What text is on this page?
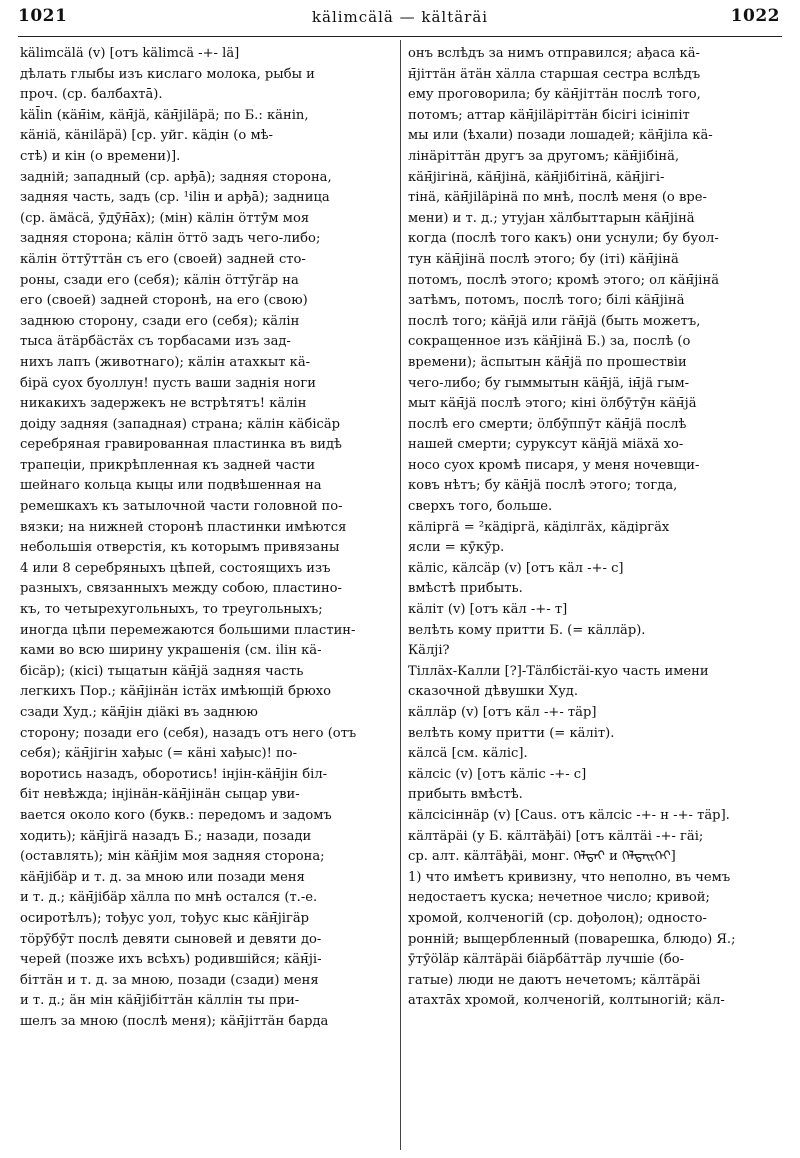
1021	kälimcälä — kältäräi	1022
kälimcälä (v) [отъ kälimcä -+- lä]
дѣлать глыбы изъ кислаго молока, рыбы и
проч. (ср. балбахтā).
käl̄in (кäн̄iм, кäн̄jä, кäн̄jiläрä; по Б.: кäнin,
кäнiä, кäнiläрä) [ср. уйг. кäдiн (о мѣ-
стѣ) и кiн (о времени)].
задній; западный (ср. арђā); задняя сторона,
задняя часть, задъ (ср. ¹iliн и арђā); задница
(ср. äмäсä, ӯдӯн̄āх); (мін) кäлiн öттӯм моя
задняя сторона; кäлiн öттö задъ чего-либо;
кäлiн öттӯттäн съ его (своей) задней сто-
роны, сзади его (себя); кäлiн öттӯгäр на
его (своей) задней сторонѣ, на его (свою)
заднюю сторону, сзади его (себя); кäлiн
тыса äтäрбäстäх съ торбасами изъ зад-
нихъ лапъ (животнаго); кäлiн атахкыт кä-
бiрä суох буоллун! пусть ваши заднія ноги
никакихъ задержекъ не встрѣтятъ! кäлiн
доiду задняя (западная) страна; кäлiн кäбiсäр
серебряная гравированная пластинка въ видѣ
трапеціи, прикрѣпленная къ задней части
шейнаго кольца кыцы или подвѣшенная на
ремешкахъ къ затылочной части головной по-
вязки; на нижней сторонѣ пластинки имѣются
небольшія отверстія, къ которымъ привязаны
4 или 8 серебряныхъ цѣпей, состоящихъ изъ
разныхъ, связанныхъ между собою, пластино-
къ, то четырехугольныхъ, то треугольныхъ;
иногда цѣпи перемежаются большими пластин-
ками во всю ширину украшенія (см. iliн кä-
бiсäр); (кiсi) тыцатын кäн̄jä задняя часть
легкихъ Пор.; кäн̄jiнäн iстäх имѣющій брюхо
сзади Худ.; кäн̄jiн дiäкi въ заднюю
сторону; позади его (себя), назадъ отъ него (отъ
себя); кäн̄jiгiн хађыс (= кäнi хађыс)! по-
воротись назадъ, оборотись! iнjiн-кäн̄jiн бiл-
бiт невѣжда; iнjiнäн-кäн̄jiнäн сыцар уви-
вается около кого (букв.: передомъ и задомъ
ходить); кäн̄jiгä назадъ Б.; назади, позади
(оставлять); мiн кäн̄jiм моя задняя сторона;
кäн̄jiбäр и т. д. за мною или позади меня
и т. д.; кäн̄jiбäр хäлла по мнѣ остался (т.-е.
осиротѣлъ); тођус уол, тођус кыс кäн̄jiгäр
тöрӯбӯт послѣ девяти сыновей и девяти до-
черей (позже ихъ всѣхъ) родившійся; кäн̄jі-
бiттäн и т. д. за мною, позади (сзади) меня
и т. д.; äн мiн кäн̄jiбiттäн кäллiн ты при-
шелъ за мною (послѣ меня); кäн̄jiттäн барда
онъ вслѣдъ за нимъ отправился; ађаса кä-
н̄jiттäн äтäн хäлла старшая сестра вслѣдъ
ему проговорила; бу кäн̄jiттäн послѣ того,
потомъ; аттар кäн̄jiläрiттäн бiсiгi iсiнiпiт
мы или (ѣхали) позади лошадей; кäн̄jiла кä-
лiнäрiттäн другъ за другомъ; кäн̄jiбiнä,
кäн̄jiгiнä, кäн̄jiнä, кäн̄jiбiтiнä, кäн̄jiгi-
тiнä, кäн̄jiläрiнä по мнѣ, послѣ меня (о вре-
мени) и т. д.; утуjан хäлбыттарын кäн̄jiнä
когда (послѣ того какъ) они уснули; бу буол-
тун кäн̄jiнä послѣ этого; бу (iтi) кäн̄jiнä
потомъ, послѣ этого; кромѣ этого; ол кäн̄jiнä
затѣмъ, потомъ, послѣ того; бiлi кäн̄jiнä
послѣ того; кäн̄jä или гäн̄jä (быть можетъ,
сокращенное изъ кäн̄jiнä Б.) за, послѣ (о
времени); äспытын кäн̄jä по прошествіи
чего-либо; бу гыммытын кäн̄jä, iн̄jä гым-
мыт кäн̄jä послѣ этого; кiнi öлбӯтӯн кäн̄jä
послѣ его смерти; öлбӯппӯт кäн̄jä послѣ
нашей смерти; суруксут кäн̄jä мiäхä хо-
носо суох кромѣ писаря, у меня ночевщи-
ковъ нѣтъ; бу кäн̄jä послѣ этого; тогда,
сверхъ того, больше.
кäлiргä = ²кäдiргä, кäдiлгäх, кäдiргäх
ясли = кӯкӯр.
кäлiс, кäлсäр (v) [отъ кäл -+- с]
вмѣстѣ прибыть.
кäлiт (v) [отъ кäл -+- т]
велѣть кому притти Б. (= кäллäр).
Кäлji?
Тiллäх-Калли [?]-Тäлбiстäi-куо часть имени
сказочной дѣвушки Худ.
кäллäр (v) [отъ кäл -+- тäр]
велѣть кому притти (= кäлiт).
кäлсä [см. кäлiс].
кäлсiс (v) [отъ кäлiс -+- с]
прибыть вмѣстѣ.
кäлсiсiннäр (v) [Caus. отъ кäлсiс -+- н -+- тäр].
кäлтäрäi (у Б. кäлтäђäi) [отъ кäлтäi -+- гäi;
ср. алт. кäлтäђäi, монг. ᠬᠡᠯᠲᠡᠢ и ᠬᠡᠯᠲᠡᠢᠭᠡᠢ]
1) что имѣетъ кривизну, что неполно, въ чемъ
недостаетъ куска; нечетное число; кривой;
хромой, колченогій (ср. дођолоң); односто-
ронній; выщербленный (поварешка, блюдо) Я.;
ӯтӯöläр кäлтäрäi бiäрбäттäр лучшіе (бо-
гатые) люди не даютъ нечетомъ; кäлтäрäi
атахтāх хромой, колченогій, колтыногій; кäл-
